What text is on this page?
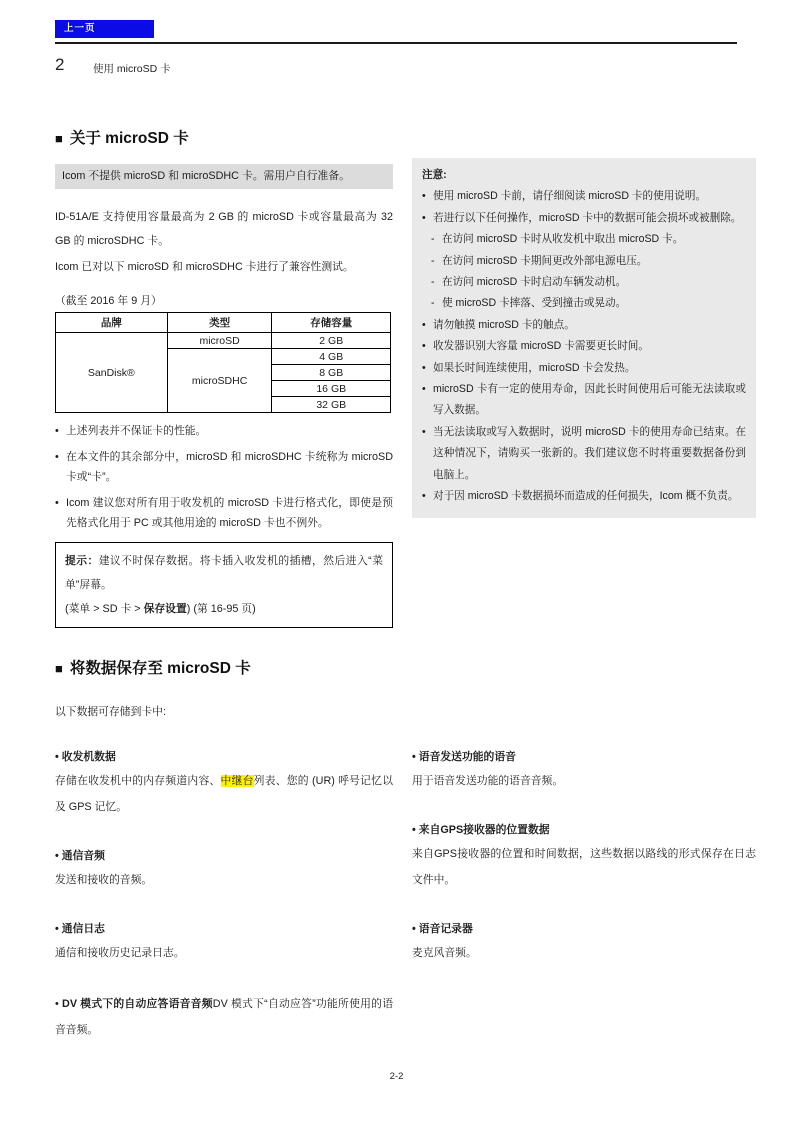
上一页
2	使用 microSD 卡
■ 关于 microSD 卡
Icom 不提供 microSD 和 microSDHC 卡。需用户自行准备。

ID-51A/E 支持使用容量最高为 2 GB 的 microSD 卡或容量最高为 32 GB 的 microSDHC 卡。

Icom 已对以下 microSD 和 microSDHC 卡进行了兼容性测试。

（截至 2016 年 9 月）

品牌	类型	存储容量
SanDisk®	microSD	2 GB
	microSDHC	4 GB
		8 GB
		16 GB
		32 GB

• 上述列表并不保证卡的性能。

• 在本文件的其余部分中，microSD 和 microSDHC 卡统称为 microSD 卡或“卡”。

• Icom 建议您对所有用于收发机的 microSD 卡进行格式化，即使是预先格式化用于 PC 或其他用途的 microSD 卡也不例外。

提示：建议不时保存数据。将卡插入收发机的插槽，然后进入“菜单”屏幕。

(菜单 > SD 卡 > 保存设置) (第 16-95 页)

注意:

• 使用 microSD 卡前，请仔细阅读 microSD 卡的使用说明。

• 若进行以下任何操作，microSD 卡中的数据可能会损坏或被删除。

- 在访问 microSD 卡时从收发机中取出 microSD 卡。

- 在访问 microSD 卡期间更改外部电源电压。

- 在访问 microSD 卡时启动车辆发动机。

- 使 microSD 卡摔落、受到撞击或晃动。

• 请勿触摸 microSD 卡的触点。

• 收发器识别大容量 microSD 卡需要更长时间。

• 如果长时间连续使用，microSD 卡会发热。

• microSD 卡有一定的使用寿命，因此长时间使用后可能无法读取或写入数据。

• 当无法读取或写入数据时，说明 microSD 卡的使用寿命已结束。在这种情况下，请购买一张新的。我们建议您不时将重要数据备份到电脑上。

• 对于因 microSD 卡数据损坏而造成的任何损失，Icom 概不负责。

■ 将数据保存至 microSD 卡

以下数据可存储到卡中:

• 收发机数据

存储在收发机中的内存频道内容、中继台列表、您的 (UR) 呼号记忆以及 GPS 记忆。

• 通信音频

发送和接收的音频。

• 通信日志

通信和接收历史记录日志。

• DV 模式下的自动应答语音音频DV 模式下“自动应答”功能所使用的语音音频。

• 语音发送功能的语音

用于语音发送功能的语音音频。

• 来自GPS接收器的位置数据

来自GPS接收器的位置和时间数据，这些数据以路线的形式保存在日志文件中。

• 语音记录器

麦克风音频。

2-2
